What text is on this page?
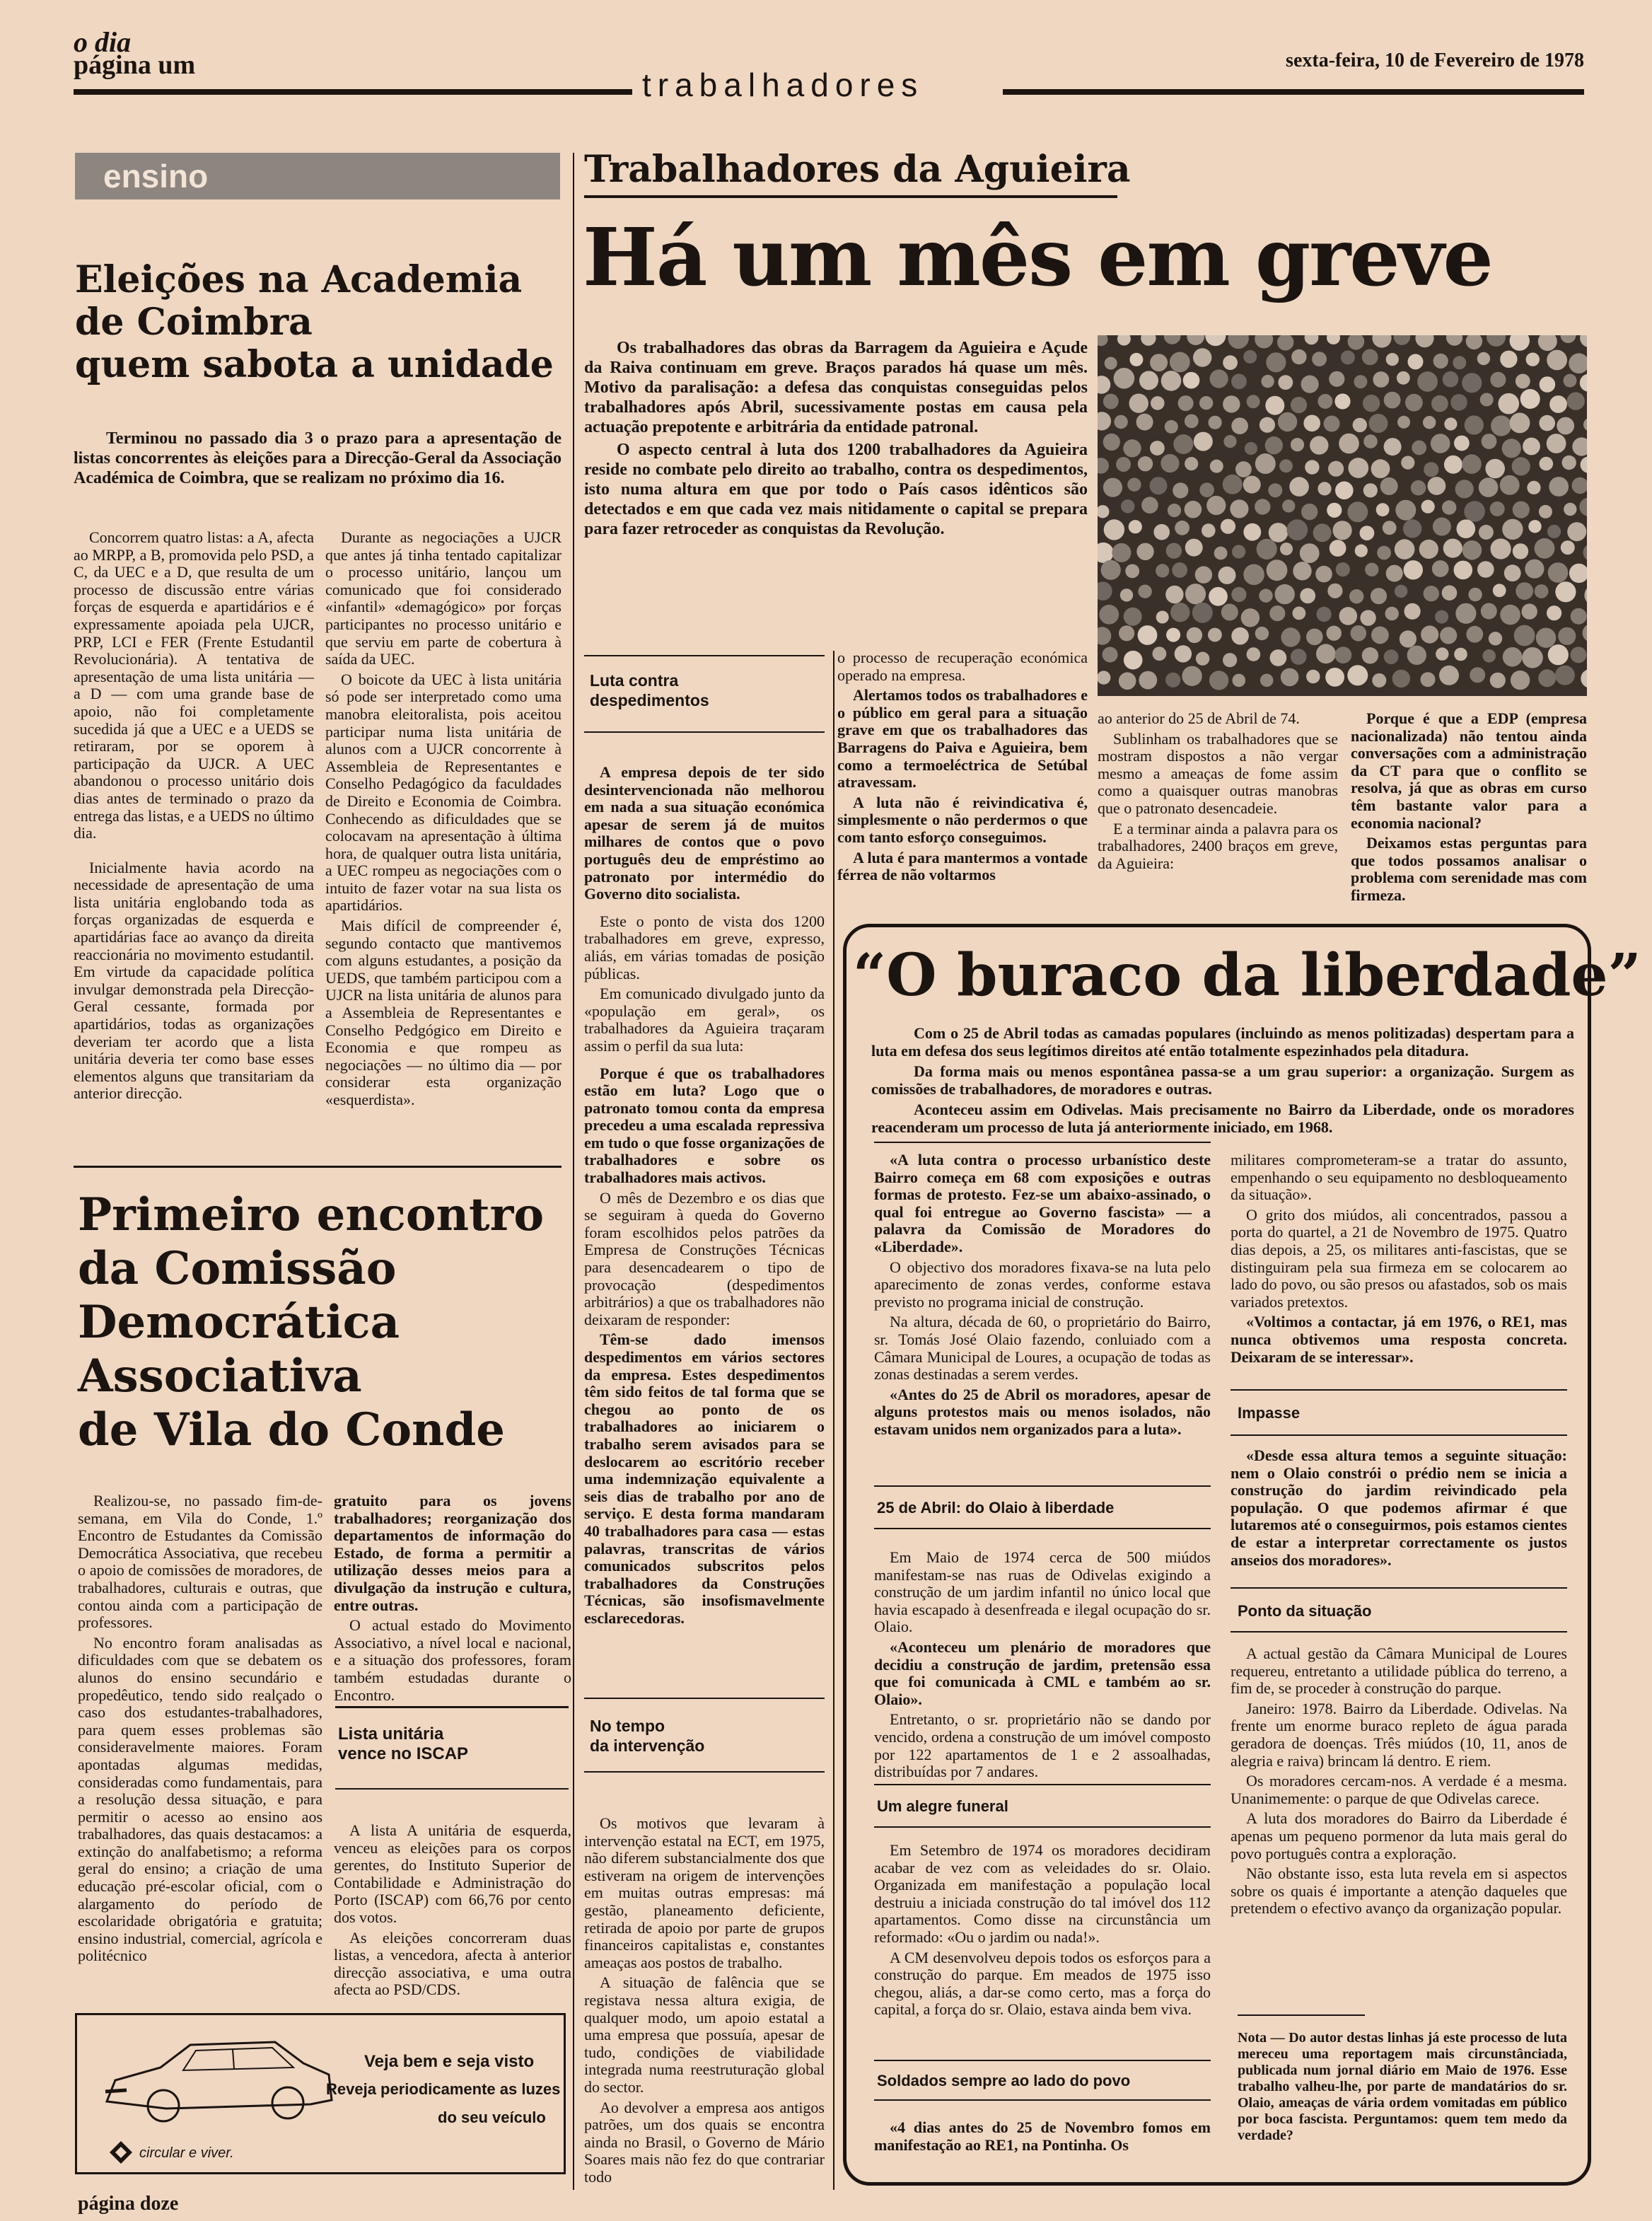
o dia
página um
trabalhadores
sexta-feira, 10 de Fevereiro de 1978
ensino
Eleições na Academia
de Coimbra
quem sabota a unidade

Terminou no passado dia 3 o prazo para a apresentação de listas concorrentes às eleições para a Direcção-Geral da Associação Académica de Coimbra, que se realizam no próximo dia 16.

Concorrem quatro listas: a A, afecta ao MRPP, a B, promovida pelo PSD, a C, da UEC e a D, que resulta de um processo de discussão entre várias forças de esquerda e apartidários e é expressamente apoiada pela UJCR, PRP, LCI e FER (Frente Estudantil Revolucionária). A tentativa de apresentação de uma lista unitária — a D — com uma grande base de apoio, não foi completamente sucedida já que a UEC e a UEDS se retiraram, por se oporem à participação da UJCR. A UEC abandonou o processo unitário dois dias antes de terminado o prazo da entrega das listas, e a UEDS no último dia.

Inicialmente havia acordo na necessidade de apresentação de uma lista unitária englobando toda as forças organizadas de esquerda e apartidárias face ao avanço da direita reaccionária no movimento estudantil. Em virtude da capacidade política invulgar demonstrada pela Direcção-Geral cessante, formada por apartidários, todas as organizações deveriam ter acordo que a lista unitária deveria ter como base esses elementos alguns que transitariam da anterior direcção.

Durante as negociações a UJCR que antes já tinha tentado capitalizar o processo unitário, lançou um comunicado que foi considerado «infantil» «demagógico» por forças participantes no processo unitário e que serviu em parte de cobertura à saída da UEC.

O boicote da UEC à lista unitária só pode ser interpretado como uma manobra eleitoralista, pois aceitou participar numa lista unitária de alunos com a UJCR concorrente à Assembleia de Representantes e Conselho Pedagógico da faculdades de Direito e Economia de Coimbra. Conhecendo as dificuldades que se colocavam na apresentação à última hora, de qualquer outra lista unitária, a UEC rompeu as negociações com o intuito de fazer votar na sua lista os apartidários.

Mais difícil de compreender é, segundo contacto que mantivemos com alguns estudantes, a posição da UEDS, que também participou com a UJCR na lista unitária de alunos para a Assembleia de Representantes e Conselho Pedgógico em Direito e Economia e que rompeu as negociações — no último dia — por considerar esta organização «esquerdista».

Primeiro encontro
da Comissão
Democrática
Associativa
de Vila do Conde

Realizou-se, no passado fim-de-semana, em Vila do Conde, 1.º Encontro de Estudantes da Comissão Democrática Associativa, que recebeu o apoio de comissões de moradores, de trabalhadores, culturais e outras, que contou ainda com a participação de professores.

No encontro foram analisadas as dificuldades com que se debatem os alunos do ensino secundário e propedêutico, tendo sido realçado o caso dos estudantes-trabalhadores, para quem esses problemas são consideravelmente maiores. Foram apontadas algumas medidas, consideradas como fundamentais, para a resolução dessa situação, e para permitir o acesso ao ensino aos trabalhadores, das quais destacamos: a extinção do analfabetismo; a reforma geral do ensino; a criação de uma educação pré-escolar oficial, com o alargamento do período de escolaridade obrigatória e gratuita; ensino industrial, comercial, agrícola e politécnico

gratuito para os jovens trabalhadores; reorganização dos departamentos de informação do Estado, de forma a permitir a utilização desses meios para a divulgação da instrução e cultura, entre outras.

O actual estado do Movimento Associativo, a nível local e nacional, e a situação dos professores, foram também estudadas durante o Encontro.

Lista unitária
vence no ISCAP

A lista A unitária de esquerda, venceu as eleições para os corpos gerentes, do Instituto Superior de Contabilidade e Administração do Porto (ISCAP) com 66,76 por cento dos votos.

As eleições concorreram duas listas, a vencedora, afecta à anterior direcção associativa, e uma outra afecta ao PSD/CDS.

Veja bem e seja visto
Reveja periodicamente as luzes
do seu veículo
circular e viver.
Trabalhadores da Aguieira
Há um mês em greve

Os trabalhadores das obras da Barragem da Aguieira e Açude da Raiva continuam em greve. Braços parados há quase um mês. Motivo da paralisação: a defesa das conquistas conseguidas pelos trabalhadores após Abril, sucessivamente postas em causa pela actuação prepotente e arbitrária da entidade patronal.

O aspecto central à luta dos 1200 trabalhadores da Aguieira reside no combate pelo direito ao trabalho, contra os despedimentos, isto numa altura em que por todo o País casos idênticos são detectados e em que cada vez mais nitidamente o capital se prepara para fazer retroceder as conquistas da Revolução.

Luta contra
despedimentos

A empresa depois de ter sido desintervencionada não melhorou em nada a sua situação económica apesar de serem já de muitos milhares de contos que o povo português deu de empréstimo ao patronato por intermédio do Governo dito socialista.

Este o ponto de vista dos 1200 trabalhadores em greve, expresso, aliás, em várias tomadas de posição públicas.

Em comunicado divulgado junto da «população em geral», os trabalhadores da Aguieira traçaram assim o perfil da sua luta:

Porque é que os trabalhadores estão em luta? Logo que o patronato tomou conta da empresa precedeu a uma escalada repressiva em tudo o que fosse organizações de trabalhadores e sobre os trabalhadores mais activos.

O mês de Dezembro e os dias que se seguiram à queda do Governo foram escolhidos pelos patrões da Empresa de Construções Técnicas para desencadearem o tipo de provocação (despedimentos arbitrários) a que os trabalhadores não deixaram de responder:

Têm-se dado imensos despedimentos em vários sectores da empresa. Estes despedimentos têm sido feitos de tal forma que se chegou ao ponto de os trabalhadores ao iniciarem o trabalho serem avisados para se deslocarem ao escritório receber uma indemnização equivalente a seis dias de trabalho por ano de serviço. E desta forma mandaram 40 trabalhadores para casa — estas palavras, transcritas de vários comunicados subscritos pelos trabalhadores da Construções Técnicas, são insofismavelmente esclarecedoras.

No tempo
da intervenção

Os motivos que levaram à intervenção estatal na ECT, em 1975, não diferem substancialmente dos que estiveram na origem de intervenções em muitas outras empresas: má gestão, planeamento deficiente, retirada de apoio por parte de grupos financeiros capitalistas e, constantes ameaças aos postos de trabalho.

A situação de falência que se registava nessa altura exigia, de qualquer modo, um apoio estatal a uma empresa que possuía, apesar de tudo, condições de viabilidade integrada numa reestruturação global do sector.

Ao devolver a empresa aos antigos patrões, um dos quais se encontra ainda no Brasil, o Governo de Mário Soares mais não fez do que contrariar todo

o processo de recuperação económica operado na empresa.

Alertamos todos os trabalhadores e o público em geral para a situação grave em que os trabalhadores das Barragens do Paiva e Aguieira, bem como a termoeléctrica de Setúbal atravessam.

A luta não é reivindicativa é, simplesmente o não perdermos o que com tanto esforço conseguimos.

A luta é para mantermos a vontade férrea de não voltarmos

ao anterior do 25 de Abril de 74.

Sublinham os trabalhadores que se mostram dispostos a não vergar mesmo a ameaças de fome assim como a quaisquer outras manobras que o patronato desencadeie.

E a terminar ainda a palavra para os trabalhadores, 2400 braços em greve, da Aguieira:

Porque é que a EDP (empresa nacionalizada) não tentou ainda conversações com a administração da CT para que o conflito se resolva, já que as obras em curso têm bastante valor para a economia nacional?

Deixamos estas perguntas para que todos possamos analisar o problema com serenidade mas com firmeza.

“O buraco da liberdade”

Com o 25 de Abril todas as camadas populares (incluindo as menos politizadas) despertam para a luta em defesa dos seus legítimos direitos até então totalmente espezinhados pela ditadura.

Da forma mais ou menos espontânea passa-se a um grau superior: a organização. Surgem as comissões de trabalhadores, de moradores e outras.

Aconteceu assim em Odivelas. Mais precisamente no Bairro da Liberdade, onde os moradores reacenderam um processo de luta já anteriormente iniciado, em 1968.

«A luta contra o processo urbanístico deste Bairro começa em 68 com exposições e outras formas de protesto. Fez-se um abaixo-assinado, o qual foi entregue ao Governo fascista» — a palavra da Comissão de Moradores do «Liberdade».

O objectivo dos moradores fixava-se na luta pelo aparecimento de zonas verdes, conforme estava previsto no programa inicial de construção.

Na altura, década de 60, o proprietário do Bairro, sr. Tomás José Olaio fazendo, conluiado com a Câmara Municipal de Loures, a ocupação de todas as zonas destinadas a serem verdes.

«Antes do 25 de Abril os moradores, apesar de alguns protestos mais ou menos isolados, não estavam unidos nem organizados para a luta».

25 de Abril: do Olaio à liberdade

Em Maio de 1974 cerca de 500 miúdos manifestam-se nas ruas de Odivelas exigindo a construção de um jardim infantil no único local que havia escapado à desenfreada e ilegal ocupação do sr. Olaio.

«Aconteceu um plenário de moradores que decidiu a construção de jardim, pretensão essa que foi comunicada à CML e também ao sr. Olaio».

Entretanto, o sr. proprietário não se dando por vencido, ordena a construção de um imóvel composto por 122 apartamentos de 1 e 2 assoalhadas, distribuídas por 7 andares.

Um alegre funeral

Em Setembro de 1974 os moradores decidiram acabar de vez com as veleidades do sr. Olaio. Organizada em manifestação a população local destruiu a iniciada construção do tal imóvel dos 112 apartamentos. Como disse na circunstância um reformado: «Ou o jardim ou nada!».

A CM desenvolveu depois todos os esforços para a construção do parque. Em meados de 1975 isso chegou, aliás, a dar-se como certo, mas a força do capital, a força do sr. Olaio, estava ainda bem viva.

Soldados sempre ao lado do povo

«4 dias antes do 25 de Novembro fomos em manifestação ao RE1, na Pontinha. Os

militares comprometeram-se a tratar do assunto, empenhando o seu equipamento no desbloqueamento da situação».

O grito dos miúdos, ali concentrados, passou a porta do quartel, a 21 de Novembro de 1975. Quatro dias depois, a 25, os militares anti-fascistas, que se distinguiram pela sua firmeza em se colocarem ao lado do povo, ou são presos ou afastados, sob os mais variados pretextos.

«Voltimos a contactar, já em 1976, o RE1, mas nunca obtivemos uma resposta concreta. Deixaram de se interessar».

Impasse

«Desde essa altura temos a seguinte situação: nem o Olaio constrói o prédio nem se inicia a construção do jardim reivindicado pela população. O que podemos afirmar é que lutaremos até o conseguirmos, pois estamos cientes de estar a interpretar correctamente os justos anseios dos moradores».

Ponto da situação

A actual gestão da Câmara Municipal de Loures requereu, entretanto a utilidade pública do terreno, a fim de, se proceder à construção do parque.

Janeiro: 1978. Bairro da Liberdade. Odivelas. Na frente um enorme buraco repleto de água parada geradora de doenças. Três miúdos (10, 11, anos de alegria e raiva) brincam lá dentro. E riem.

Os moradores cercam-nos. A verdade é a mesma. Unanimemente: o parque de que Odivelas carece.

A luta dos moradores do Bairro da Liberdade é apenas um pequeno pormenor da luta mais geral do povo português contra a exploração.

Não obstante isso, esta luta revela em si aspectos sobre os quais é importante a atenção daqueles que pretendem o efectivo avanço da organização popular.

Nota — Do autor destas linhas já este processo de luta mereceu uma reportagem mais circunstânciada, publicada num jornal diário em Maio de 1976. Esse trabalho valheu-lhe, por parte de mandatários do sr. Olaio, ameaças de vária ordem vomitadas em público por boca fascista. Perguntamos: quem tem medo da verdade?

página doze
